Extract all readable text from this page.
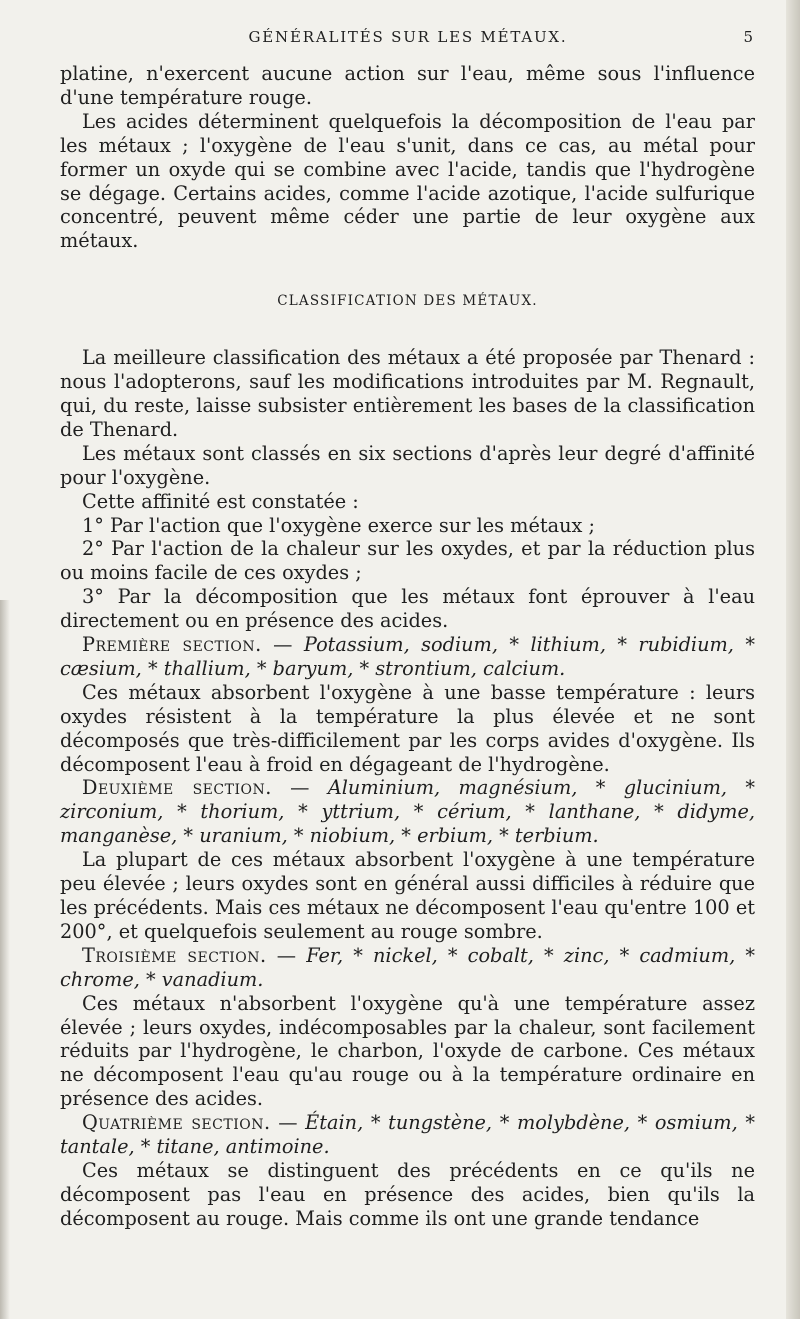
GÉNÉRALITÉS SUR LES MÉTAUX.	5

platine, n'exercent aucune action sur l'eau, même sous l'influence d'une température rouge.

Les acides déterminent quelquefois la décomposition de l'eau par les métaux ; l'oxygène de l'eau s'unit, dans ce cas, au métal pour former un oxyde qui se combine avec l'acide, tandis que l'hydrogène se dégage. Certains acides, comme l'acide azotique, l'acide sulfurique concentré, peuvent même céder une partie de leur oxygène aux métaux.

CLASSIFICATION DES MÉTAUX.

La meilleure classification des métaux a été proposée par Thenard : nous l'adopterons, sauf les modifications introduites par M. Regnault, qui, du reste, laisse subsister entièrement les bases de la classification de Thenard.

Les métaux sont classés en six sections d'après leur degré d'affinité pour l'oxygène.

Cette affinité est constatée :

1° Par l'action que l'oxygène exerce sur les métaux ;

2° Par l'action de la chaleur sur les oxydes, et par la réduction plus ou moins facile de ces oxydes ;

3° Par la décomposition que les métaux font éprouver à l'eau directement ou en présence des acides.

Première section. — Potassium, sodium, * lithium, * rubidium, * cæsium, * thallium, * baryum, * strontium, calcium.

Ces métaux absorbent l'oxygène à une basse température : leurs oxydes résistent à la température la plus élevée et ne sont décomposés que très-difficilement par les corps avides d'oxygène. Ils décomposent l'eau à froid en dégageant de l'hydrogène.

Deuxième section. — Aluminium, magnésium, * glucinium, * zirconium, * thorium, * yttrium, * cérium, * lanthane, * didyme, manganèse, * uranium, * niobium, * erbium, * terbium.

La plupart de ces métaux absorbent l'oxygène à une température peu élevée ; leurs oxydes sont en général aussi difficiles à réduire que les précédents. Mais ces métaux ne décomposent l'eau qu'entre 100 et 200°, et quelquefois seulement au rouge sombre.

Troisième section. — Fer, * nickel, * cobalt, * zinc, * cadmium, * chrome, * vanadium.

Ces métaux n'absorbent l'oxygène qu'à une température assez élevée ; leurs oxydes, indécomposables par la chaleur, sont facilement réduits par l'hydrogène, le charbon, l'oxyde de carbone. Ces métaux ne décomposent l'eau qu'au rouge ou à la température ordinaire en présence des acides.

Quatrième section. — Étain, * tungstène, * molybdène, * osmium, * tantale, * titane, antimoine.

Ces métaux se distinguent des précédents en ce qu'ils ne décomposent pas l'eau en présence des acides, bien qu'ils la décomposent au rouge. Mais comme ils ont une grande tendance
